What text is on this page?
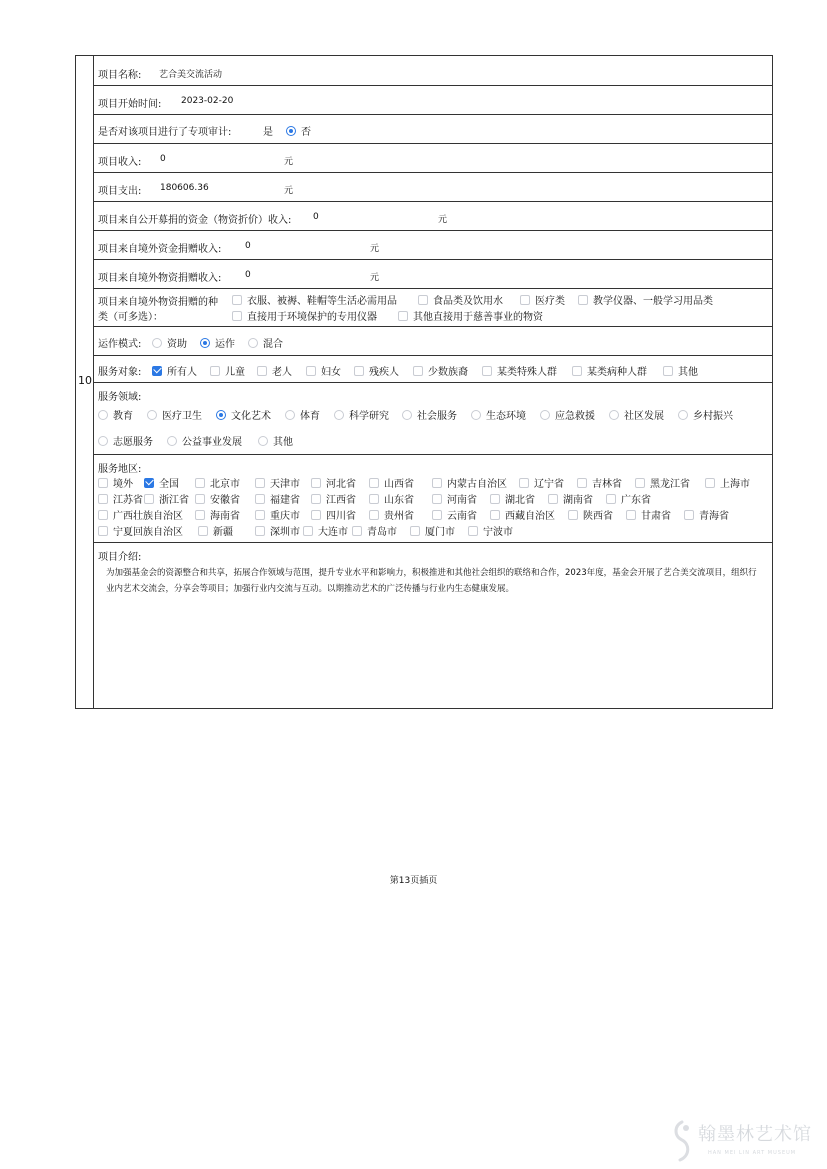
10
项目名称: 艺合美交流活动
项目开始时间: 2023-02-20
是否对该项目进行了专项审计:	是	否
项目收入: 0	元
项目支出: 180606.36	元
项目来自公开募捐的资金（物资折价）收入: 0	元
项目来自境外资金捐赠收入:	0	元
项目来自境外物资捐赠收入:	0	元
项目来自境外物资捐赠的种
类（可多选）：
衣服、被褥、鞋帽等生活必需用品	食品类及饮用水	医疗类	教学仪器、一般学习用品类
直接用于环境保护的专用仪器	其他直接用于慈善事业的物资
运作模式:	资助	运作	混合
服务对象:	所有人	儿童	老人	妇女	残疾人	少数族裔	某类特殊人群	某类病种人群	其他
服务领域:
教育	医疗卫生	文化艺术	体育	科学研究	社会服务	生态环境	应急救援	社区发展	乡村振兴
志愿服务	公益事业发展	其他
服务地区:
境外	全国	北京市	天津市	河北省	山西省	内蒙古自治区	辽宁省	吉林省	黑龙江省	上海市
江苏省 浙江省 安徽省	福建省	江西省	山东省	河南省	湖北省	湖南省	广东省
广西壮族自治区	海南省	重庆市	四川省	贵州省	云南省	西藏自治区	陕西省	甘肃省	青海省
宁夏回族自治区	新疆	深圳市 大连市 青岛市	厦门市	宁波市
项目介绍:
为加强基金会的资源整合和共享，拓展合作领域与范围，提升专业水平和影响力，积极推进和其他社会组织的联络和合作，2023年度，基金会开展了艺合美交流项目，组织行业内艺术交流会，分享会等项目；加强行业内交流与互动。以期推动艺术的广泛传播与行业内生态健康发展。
第13页插页
翰墨林艺术馆
HAN MEI LIN ART MUSEUM
